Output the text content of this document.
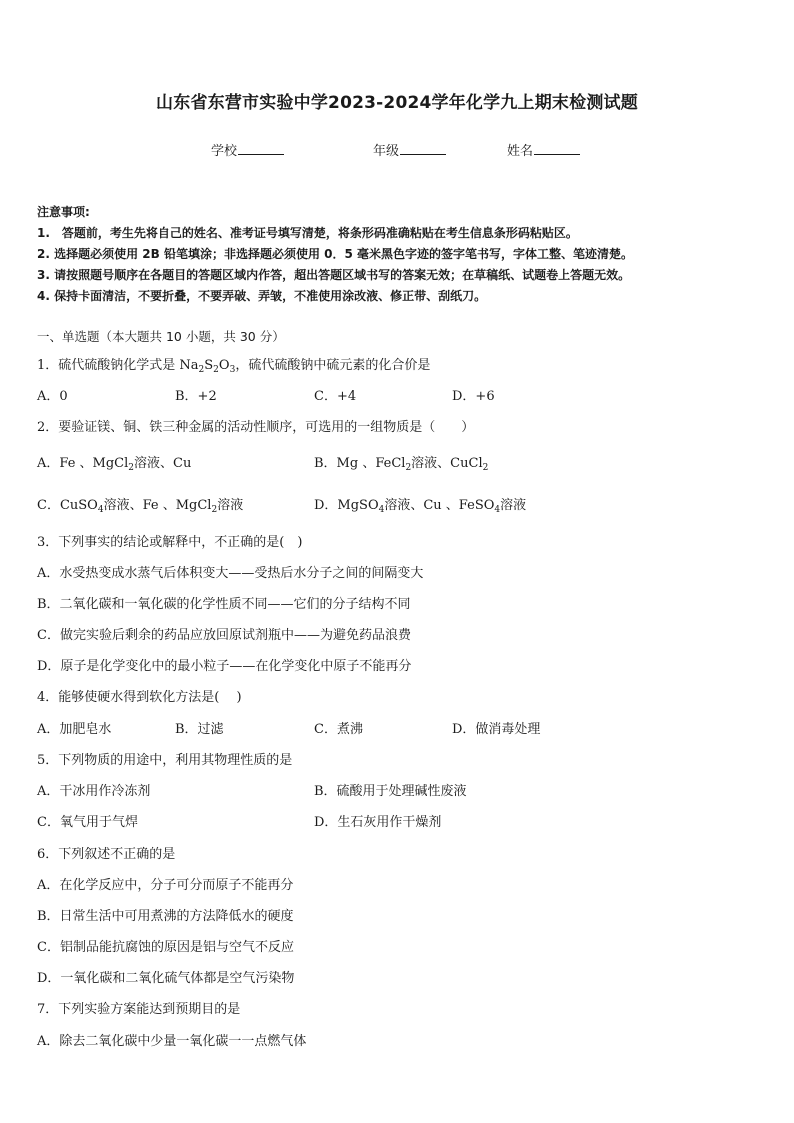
山东省东营市实验中学2023-2024学年化学九上期末检测试题
学校	年级	姓名
注意事项:
1.　答题前，考生先将自己的姓名、准考证号填写清楚，将条形码准确粘贴在考生信息条形码粘贴区。
2. 选择题必须使用 2B 铅笔填涂；非选择题必须使用 0．5 毫米黑色字迹的签字笔书写，字体工整、笔迹清楚。
3. 请按照题号顺序在各题目的答题区域内作答，超出答题区域书写的答案无效；在草稿纸、试题卷上答题无效。
4. 保持卡面清洁，不要折叠，不要弄破、弄皱，不准使用涂改液、修正带、刮纸刀。
一、单选题（本大题共 10 小题，共 30 分）
1．硫代硫酸钠化学式是 $Na_2S_2O_3$，硫代硫酸钠中硫元素的化合价是
A．0	B．+2	C．+4	D．+6
2．要验证镁、铜、铁三种金属的活动性顺序，可选用的一组物质是（　　）
A．Fe 、MgCl$_2$溶液、Cu	B．Mg 、FeCl$_2$溶液、CuCl$_2$
C．CuSO$_4$溶液、Fe 、MgCl$_2$溶液	D．MgSO$_4$溶液、Cu 、FeSO$_4$溶液
3．下列事实的结论或解释中，不正确的是(　)
A．水受热变成水蒸气后体积变大——受热后水分子之间的间隔变大
B．二氧化碳和一氧化碳的化学性质不同——它们的分子结构不同
C．做完实验后剩余的药品应放回原试剂瓶中——为避免药品浪费
D．原子是化学变化中的最小粒子——在化学变化中原子不能再分
4．能够使硬水得到软化方法是(　 )
A．加肥皂水	B．过滤	C．煮沸	D．做消毒处理
5．下列物质的用途中，利用其物理性质的是
A．干冰用作冷冻剂	B．硫酸用于处理碱性废液
C．氧气用于气焊	D．生石灰用作干燥剂
6．下列叙述不正确的是
A．在化学反应中，分子可分而原子不能再分
B．日常生活中可用煮沸的方法降低水的硬度
C．铝制品能抗腐蚀的原因是铝与空气不反应
D．一氧化碳和二氧化硫气体都是空气污染物
7．下列实验方案能达到预期目的是
A．除去二氧化碳中少量一氧化碳一一点燃气体
